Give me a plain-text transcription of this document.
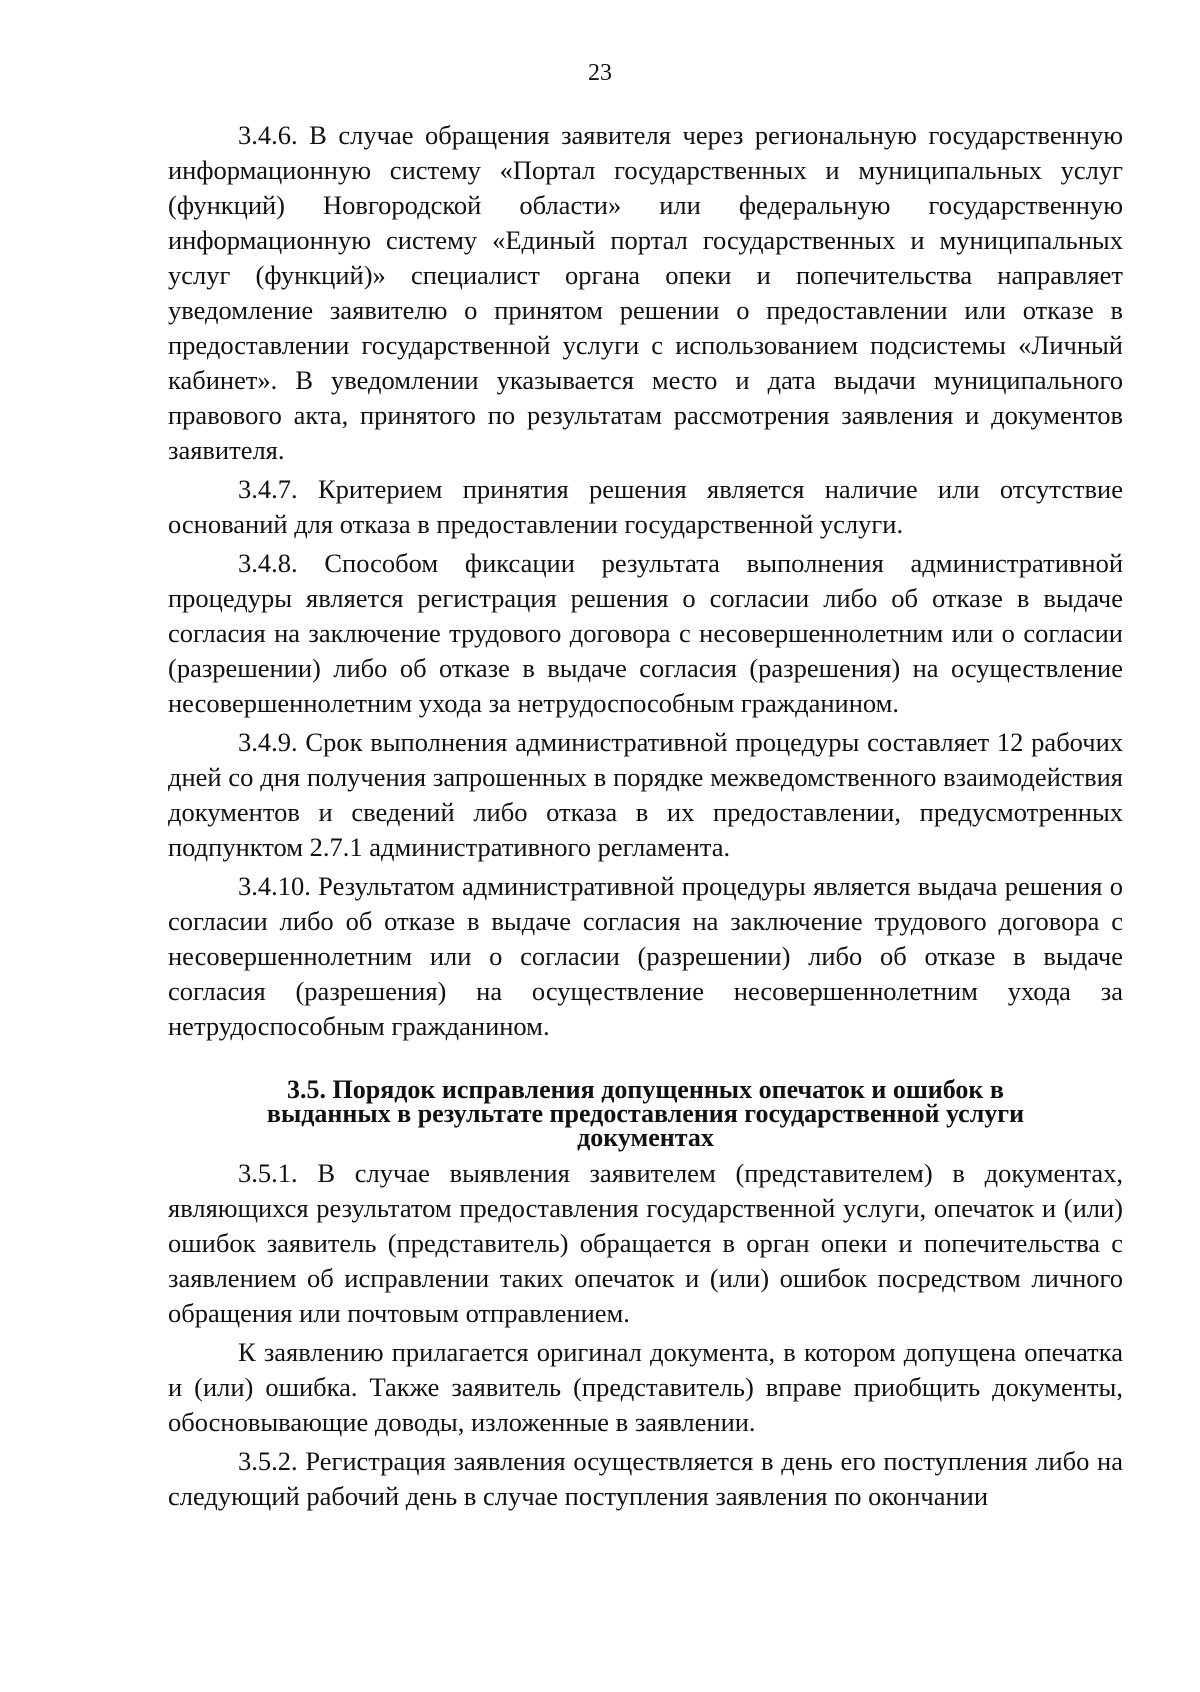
23

3.4.6. В случае обращения заявителя через региональную государственную информационную систему «Портал государственных и муниципальных услуг (функций) Новгородской области» или федеральную государственную информационную систему «Единый портал государственных и муниципальных услуг (функций)» специалист органа опеки и попечительства направляет уведомление заявителю о принятом решении о предоставлении или отказе в предоставлении государственной услуги с использованием подсистемы «Личный кабинет». В уведомлении указывается место и дата выдачи муниципального правового акта, принятого по результатам рассмотрения заявления и документов заявителя.

3.4.7. Критерием принятия решения является наличие или отсутствие оснований для отказа в предоставлении государственной услуги.

3.4.8. Способом фиксации результата выполнения административной процедуры является регистрация решения о согласии либо об отказе в выдаче согласия на заключение трудового договора с несовершеннолетним или о согласии (разрешении) либо об отказе в выдаче согласия (разрешения) на осуществление несовершеннолетним ухода за нетрудоспособным гражданином.

3.4.9. Срок выполнения административной процедуры составляет 12 рабочих дней со дня получения запрошенных в порядке межведомственного взаимодействия документов и сведений либо отказа в их предоставлении, предусмотренных подпунктом 2.7.1 административного регламента.

3.4.10. Результатом административной процедуры является выдача решения о согласии либо об отказе в выдаче согласия на заключение трудового договора с несовершеннолетним или о согласии (разрешении) либо об отказе в выдаче согласия (разрешения) на осуществление несовершеннолетним ухода за нетрудоспособным гражданином.

3.5. Порядок исправления допущенных опечаток и ошибок в
выданных в результате предоставления государственной услуги
документах

3.5.1. В случае выявления заявителем (представителем) в документах, являющихся результатом предоставления государственной услуги, опечаток и (или) ошибок заявитель (представитель) обращается в орган опеки и попечительства с заявлением об исправлении таких опечаток и (или) ошибок посредством личного обращения или почтовым отправлением.

К заявлению прилагается оригинал документа, в котором допущена опечатка и (или) ошибка. Также заявитель (представитель) вправе приобщить документы, обосновывающие доводы, изложенные в заявлении.

3.5.2. Регистрация заявления осуществляется в день его поступления либо на следующий рабочий день в случае поступления заявления по окончании
